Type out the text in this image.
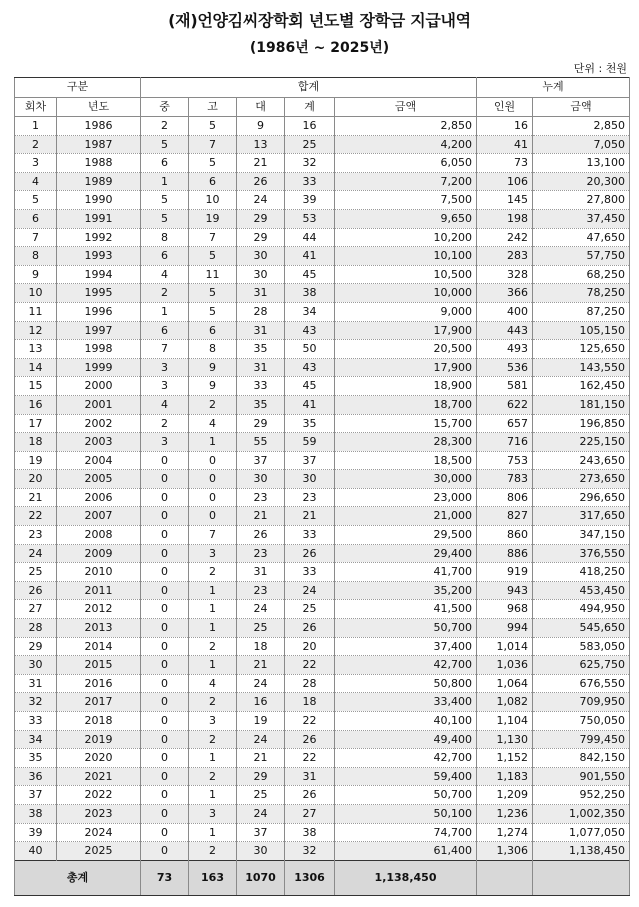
(재)언양김씨장학회 년도별 장학금 지급내역
(1986년 ~ 2025년)
단위 : 천원
구분		합계					누계	
회차	년도	중	고	대	계	금액	인원	금액
1	1986	2	5	9	16	2,850	16	2,850
2	1987	5	7	13	25	4,200	41	7,050
3	1988	6	5	21	32	6,050	73	13,100
4	1989	1	6	26	33	7,200	106	20,300
5	1990	5	10	24	39	7,500	145	27,800
6	1991	5	19	29	53	9,650	198	37,450
7	1992	8	7	29	44	10,200	242	47,650
8	1993	6	5	30	41	10,100	283	57,750
9	1994	4	11	30	45	10,500	328	68,250
10	1995	2	5	31	38	10,000	366	78,250
11	1996	1	5	28	34	9,000	400	87,250
12	1997	6	6	31	43	17,900	443	105,150
13	1998	7	8	35	50	20,500	493	125,650
14	1999	3	9	31	43	17,900	536	143,550
15	2000	3	9	33	45	18,900	581	162,450
16	2001	4	2	35	41	18,700	622	181,150
17	2002	2	4	29	35	15,700	657	196,850
18	2003	3	1	55	59	28,300	716	225,150
19	2004	0	0	37	37	18,500	753	243,650
20	2005	0	0	30	30	30,000	783	273,650
21	2006	0	0	23	23	23,000	806	296,650
22	2007	0	0	21	21	21,000	827	317,650
23	2008	0	7	26	33	29,500	860	347,150
24	2009	0	3	23	26	29,400	886	376,550
25	2010	0	2	31	33	41,700	919	418,250
26	2011	0	1	23	24	35,200	943	453,450
27	2012	0	1	24	25	41,500	968	494,950
28	2013	0	1	25	26	50,700	994	545,650
29	2014	0	2	18	20	37,400	1,014	583,050
30	2015	0	1	21	22	42,700	1,036	625,750
31	2016	0	4	24	28	50,800	1,064	676,550
32	2017	0	2	16	18	33,400	1,082	709,950
33	2018	0	3	19	22	40,100	1,104	750,050
34	2019	0	2	24	26	49,400	1,130	799,450
35	2020	0	1	21	22	42,700	1,152	842,150
36	2021	0	2	29	31	59,400	1,183	901,550
37	2022	0	1	25	26	50,700	1,209	952,250
38	2023	0	3	24	27	50,100	1,236	1,002,350
39	2024	0	1	37	38	74,700	1,274	1,077,050
40	2025	0	2	30	32	61,400	1,306	1,138,450
총계		73	163	1070	1306	1,138,450		
